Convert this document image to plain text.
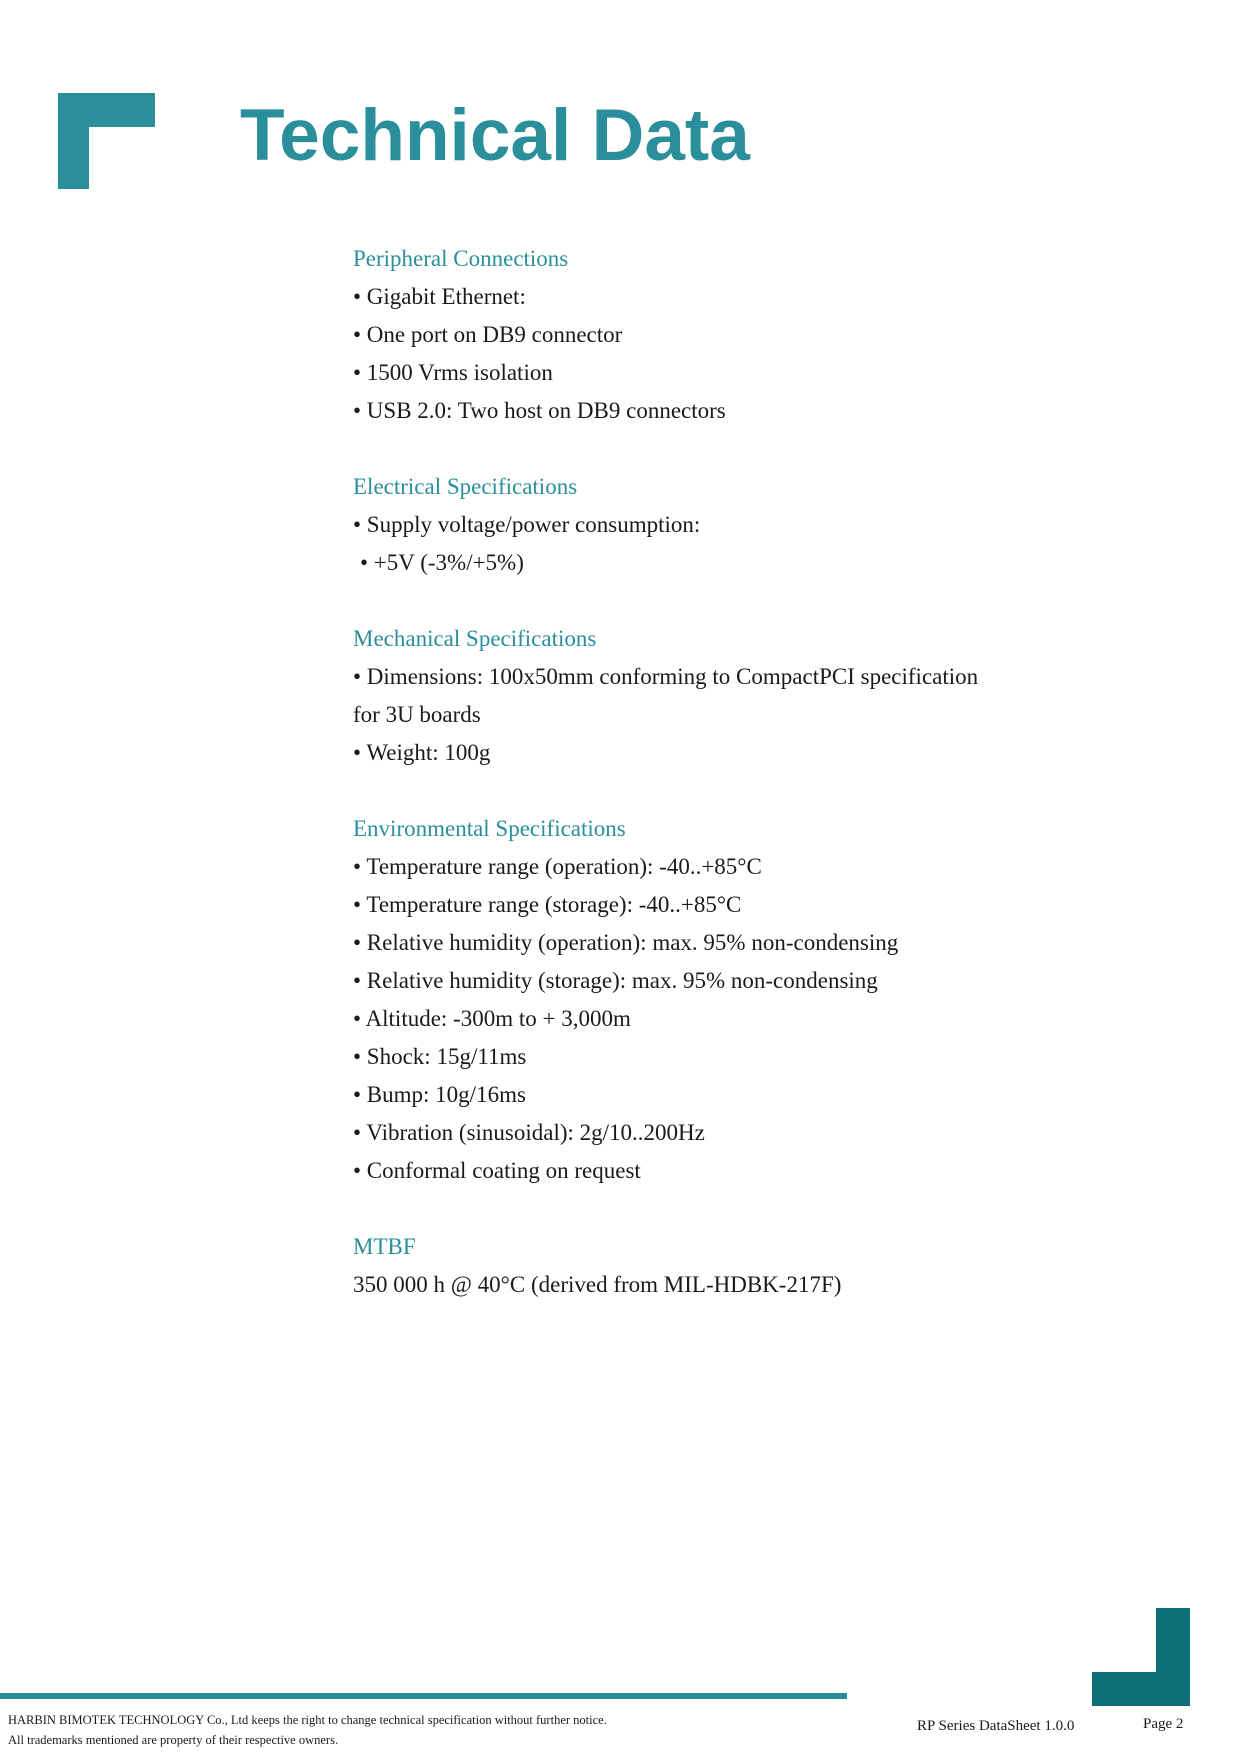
Technical Data

Peripheral Connections

• Gigabit Ethernet:

• One port on DB9 connector

• 1500 Vrms isolation

• USB 2.0: Two host on DB9 connectors

Electrical Specifications

• Supply voltage/power consumption:

• +5V (-3%/+5%)

Mechanical Specifications

• Dimensions: 100x50mm conforming to CompactPCI specification

for 3U boards

• Weight: 100g

Environmental Specifications

• Temperature range (operation): -40..+85°C

• Temperature range (storage): -40..+85°C

• Relative humidity (operation): max. 95% non-condensing

• Relative humidity (storage): max. 95% non-condensing

• Altitude: -300m to + 3,000m

• Shock: 15g/11ms

• Bump: 10g/16ms

• Vibration (sinusoidal): 2g/10..200Hz

• Conformal coating on request

MTBF

350 000 h @ 40°C (derived from MIL-HDBK-217F)

HARBIN BIMOTEK TECHNOLOGY Co., Ltd keeps the right to change technical specification without further notice.

All trademarks mentioned are property of their respective owners.

RP Series DataSheet 1.0.0	Page 2
